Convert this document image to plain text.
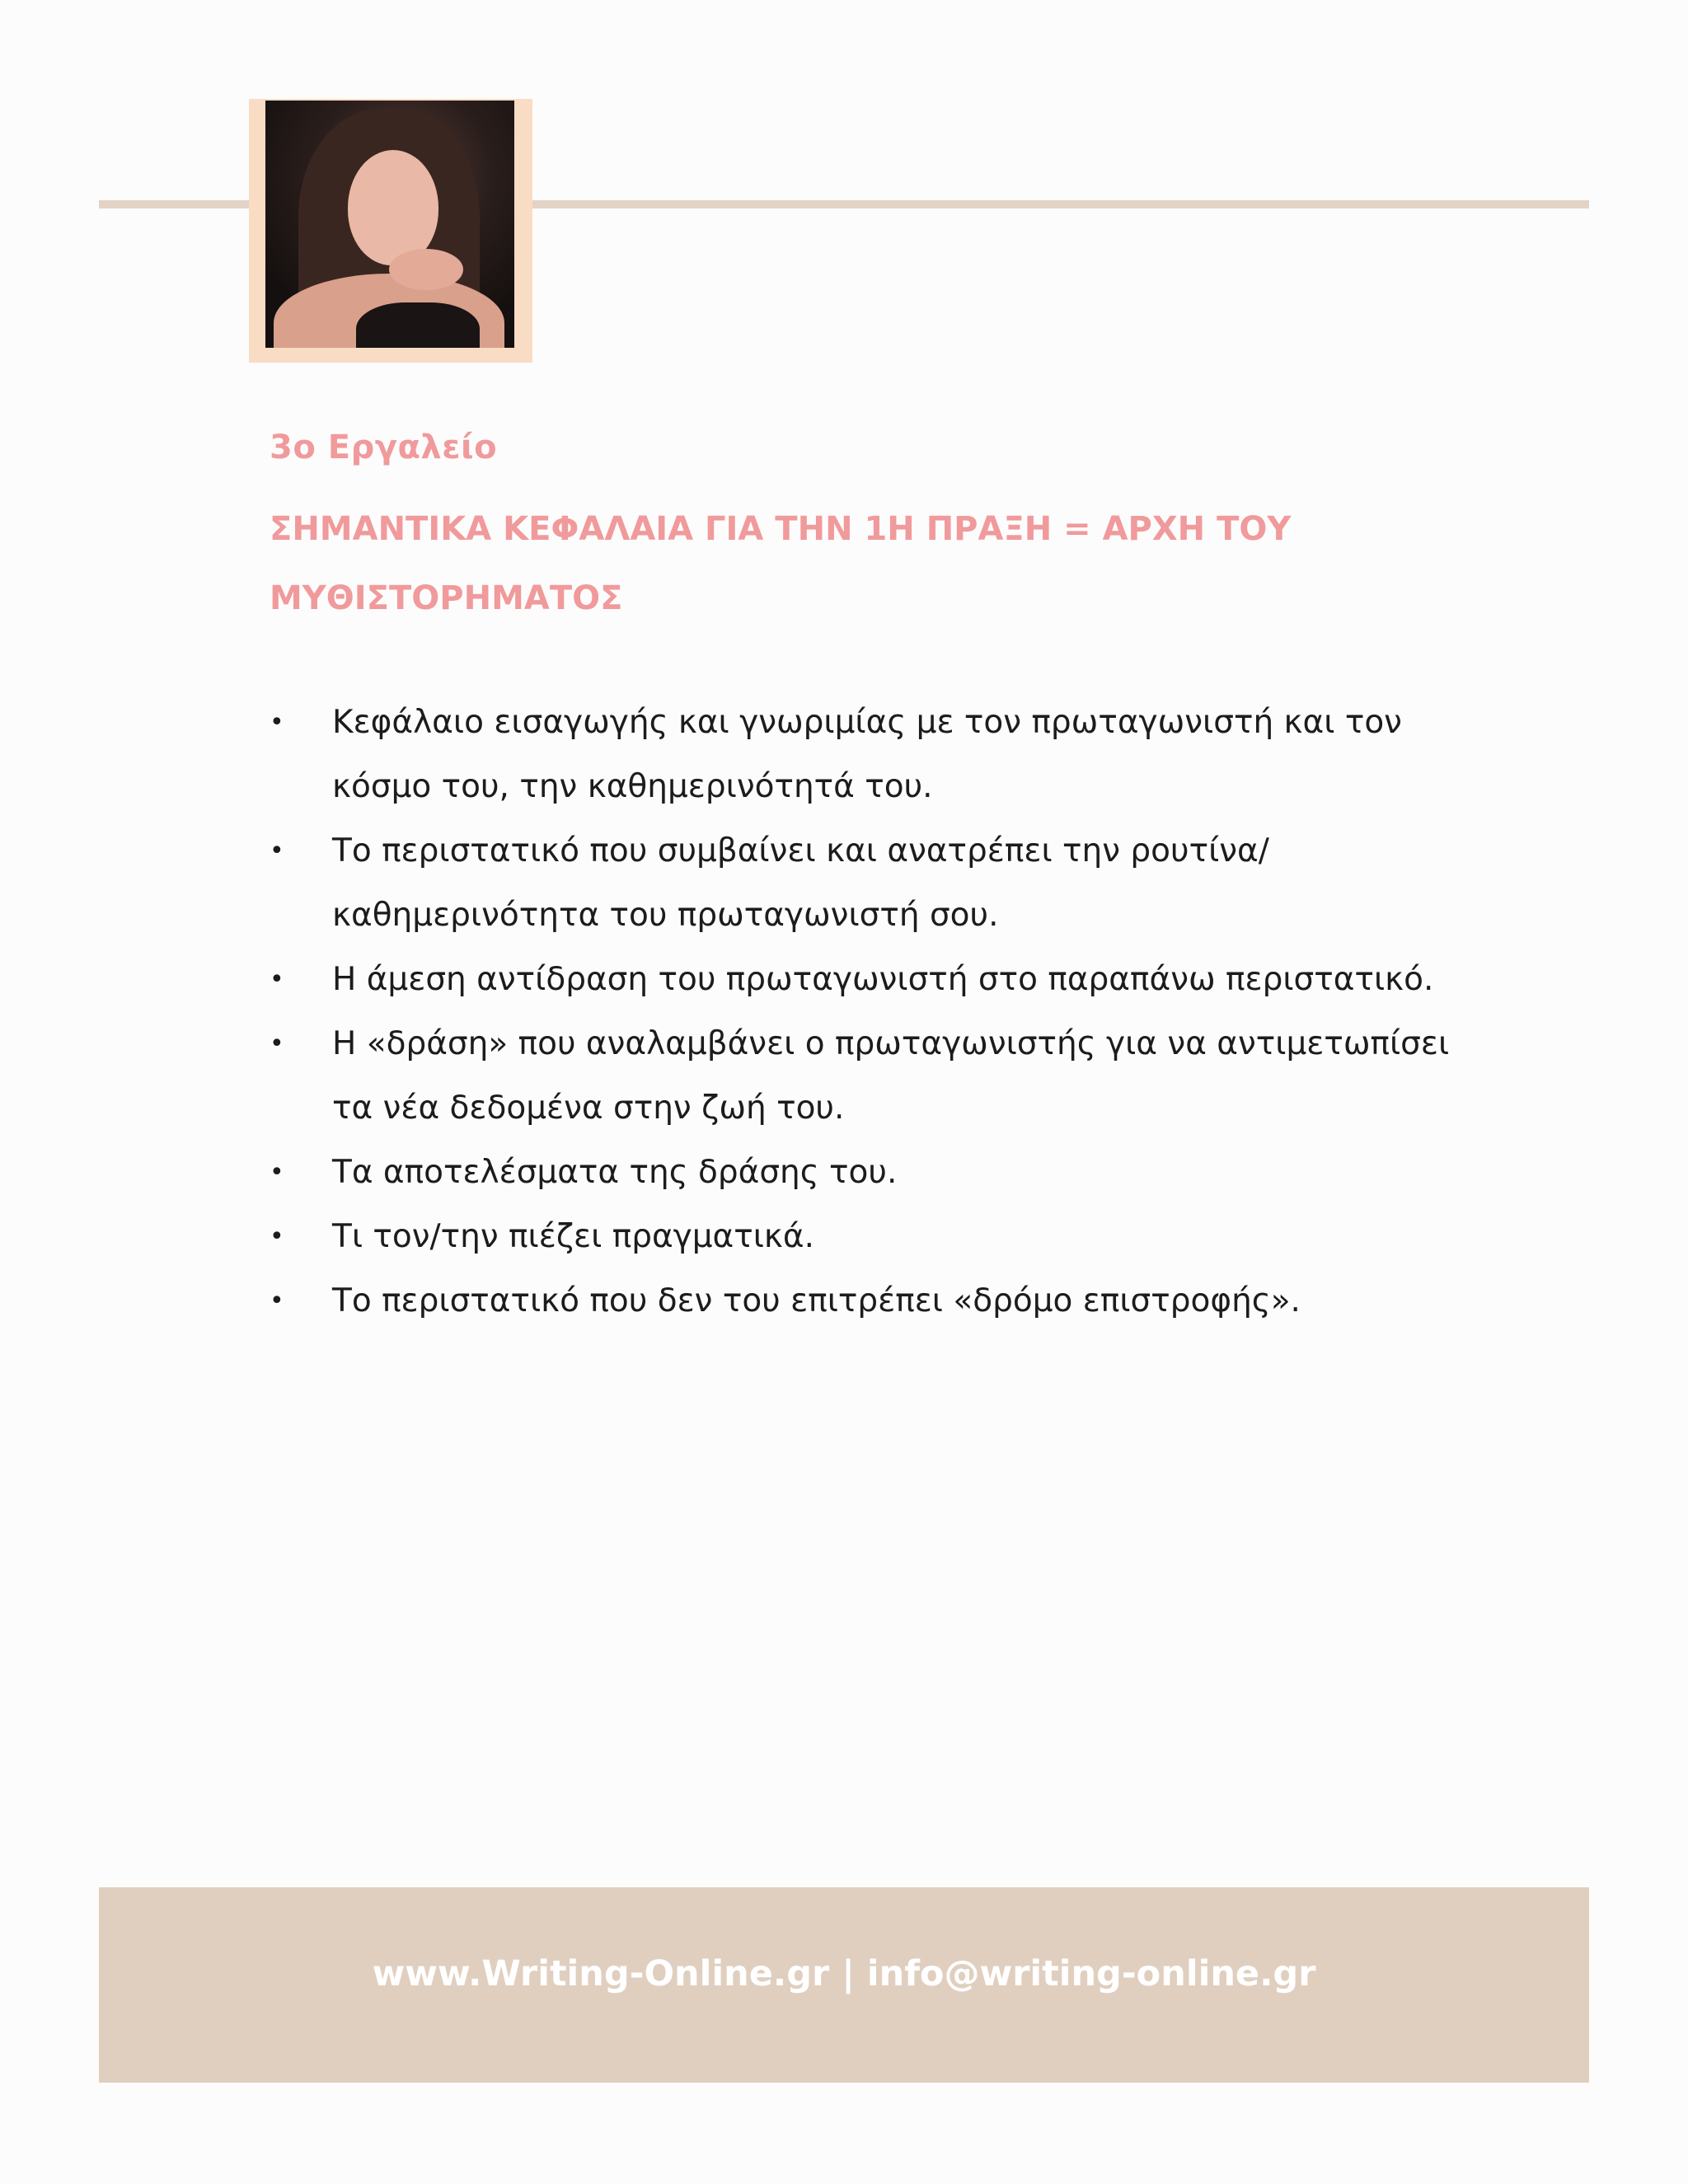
3ο Εργαλείο
ΣΗΜΑΝΤΙΚΑ ΚΕΦΑΛΑΙΑ ΓΙΑ ΤΗΝ 1Η ΠΡΑΞΗ = ΑΡΧΗ ΤΟΥ ΜΥΘΙΣΤΟΡΗΜΑΤΟΣ
• Κεφάλαιο εισαγωγής και γνωριμίας με τον πρωταγωνιστή και τον κόσμο του, την καθημερινότητά του.
• Το περιστατικό που συμβαίνει και ανατρέπει την ρουτίνα/καθημερινότητα του πρωταγωνιστή σου.
• Η άμεση αντίδραση του πρωταγωνιστή στο παραπάνω περιστατικό.
• Η «δράση» που αναλαμβάνει ο πρωταγωνιστής για να αντιμετωπίσει τα νέα δεδομένα στην ζωή του.
• Τα αποτελέσματα της δράσης του.
• Τι τον/την πιέζει πραγματικά.
• Το περιστατικό που δεν του επιτρέπει «δρόμο επιστροφής».
www.Writing-Online.gr | info@writing-online.gr
